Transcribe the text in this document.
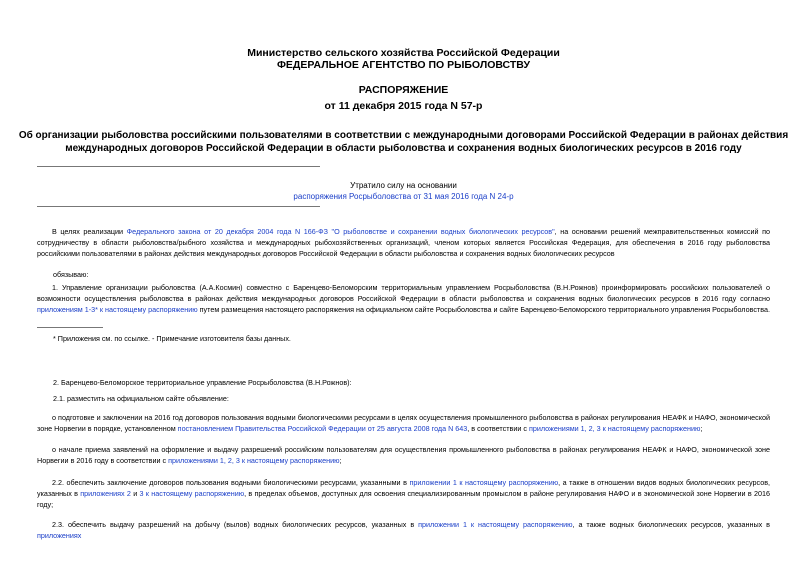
Министерство сельского хозяйства Российской Федерации
ФЕДЕРАЛЬНОЕ АГЕНТСТВО ПО РЫБОЛОВСТВУ
РАСПОРЯЖЕНИЕ
от 11 декабря 2015 года N 57-р
Об организации рыболовства российскими пользователями в соответствии с международными договорами Российской Федерации в районах действия
международных договоров Российской Федерации в области рыболовства и сохранения водных биологических ресурсов в 2016 году
Утратило силу на основании
распоряжения Росрыболовства от 31 мая 2016 года N 24-р
В целях реализации Федерального закона от 20 декабря 2004 года N 166-ФЗ "О рыболовстве и сохранении водных биологических ресурсов", на основании решений межправительственных комиссий по сотрудничеству в области рыболовства/рыбного хозяйства и международных рыбохозяйственных организаций, членом которых является Российская Федерация, для обеспечения в 2016 году рыболовства российскими пользователями в районах действия международных договоров Российской Федерации в области рыболовства и сохранения водных биологических ресурсов
обязываю:
1. Управление организации рыболовства (А.А.Космин) совместно с Баренцево-Беломорским территориальным управлением Росрыболовства (В.Н.Рожнов) проинформировать российских пользователей о возможности осуществления рыболовства в районах действия международных договоров Российской Федерации в области рыболовства и сохранения водных биологических ресурсов в 2016 году согласно приложениям 1-3* к настоящему распоряжению путем размещения настоящего распоряжения на официальном сайте Росрыболовства и сайте Баренцево-Беломорского территориального управления Росрыболовства.
* Приложения см. по ссылке. - Примечание изготовителя базы данных.
2. Баренцево-Беломорское территориальное управление Росрыболовства (В.Н.Рожнов):
2.1. разместить на официальном сайте объявление:
о подготовке и заключении на 2016 год договоров пользования водными биологическими ресурсами в целях осуществления промышленного рыболовства в районах регулирования НЕАФК и НАФО, экономической зоне Норвегии в порядке, установленном постановлением Правительства Российской Федерации от 25 августа 2008 года N 643, в соответствии с приложениями 1, 2, 3 к настоящему распоряжению;
о начале приема заявлений на оформление и выдачу разрешений российским пользователям для осуществления промышленного рыболовства в районах регулирования НЕАФК и НАФО, экономической зоне Норвегии в 2016 году в соответствии с приложениями 1, 2, 3 к настоящему распоряжению;
2.2. обеспечить заключение договоров пользования водными биологическими ресурсами, указанными в приложении 1 к настоящему распоряжению, а также в отношении видов водных биологических ресурсов, указанных в приложениях 2 и 3 к настоящему распоряжению, в пределах объемов, доступных для освоения специализированным промыслом в районе регулирования НАФО и в экономической зоне Норвегии в 2016 году;
2.3. обеспечить выдачу разрешений на добычу (вылов) водных биологических ресурсов, указанных в приложении 1 к настоящему распоряжению, а также водных биологических ресурсов, указанных в приложениях
